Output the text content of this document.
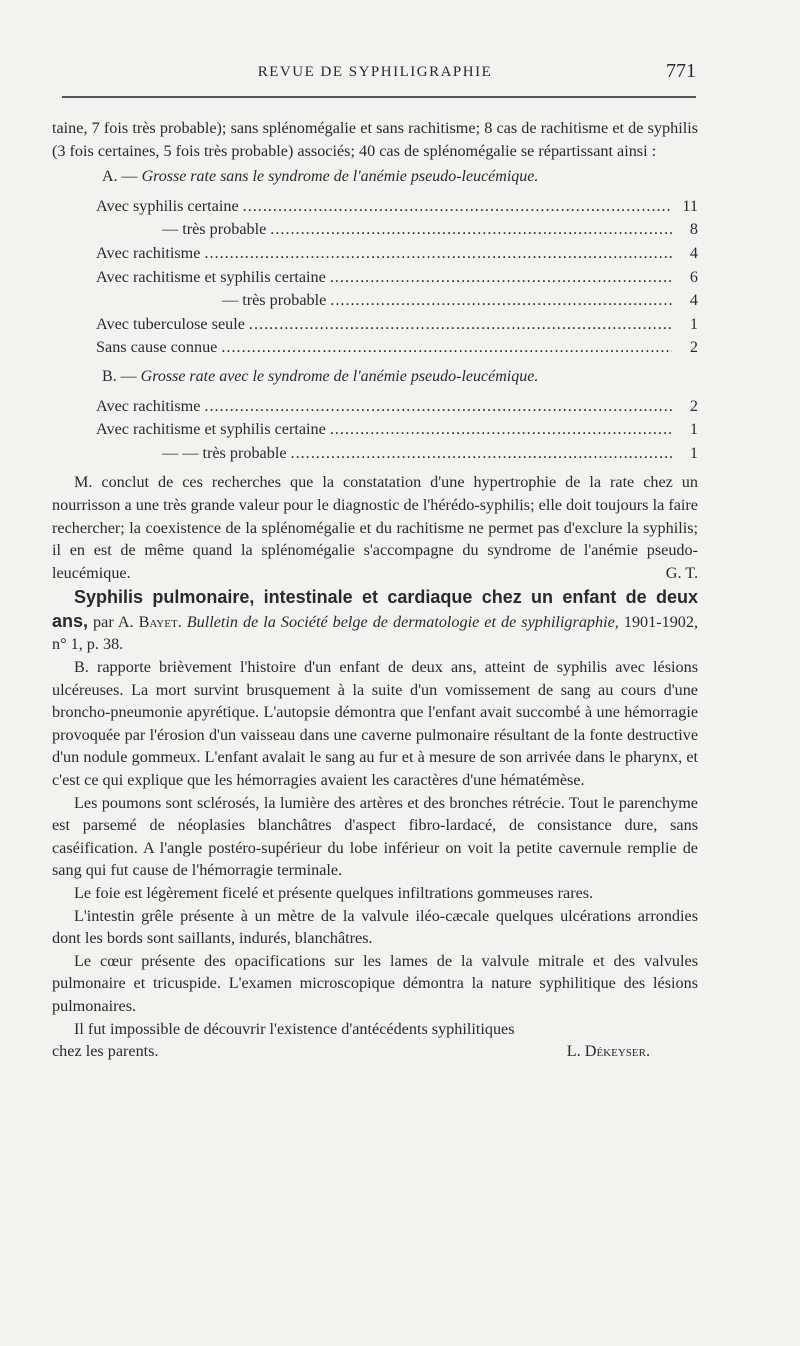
REVUE DE SYPHILIGRAPHIE	771

taine, 7 fois très probable); sans splénomégalie et sans rachitisme; 8 cas de rachitisme et de syphilis (3 fois certaines, 5 fois très probable) associés; 40 cas de splénomégalie se répartissant ainsi :

A. — Grosse rate sans le syndrome de l'anémie pseudo-leucémique.
Avec syphilis certaine .....	11
— très probable .....	8
Avec rachitisme .....	4
Avec rachitisme et syphilis certaine .....	6
— très probable .....	4
Avec tuberculose seule .....	1
Sans cause connue .....	2
B. — Grosse rate avec le syndrome de l'anémie pseudo-leucémique.
Avec rachitisme .....	2
Avec rachitisme et syphilis certaine .....	1
— — très probable .....	1

M. conclut de ces recherches que la constatation d'une hypertrophie de la rate chez un nourrisson a une très grande valeur pour le diagnostic de l'hérédo-syphilis; elle doit toujours la faire rechercher; la coexistence de la splénomégalie et du rachitisme ne permet pas d'exclure la syphilis; il en est de même quand la splénomégalie s'accompagne du syndrome de l'anémie pseudo-leucémique.	G. T.

Syphilis pulmonaire, intestinale et cardiaque chez un enfant de deux ans, par A. Bayet. Bulletin de la Société belge de dermatologie et de syphiligraphie, 1901-1902, n° 1, p. 38.

B. rapporte brièvement l'histoire d'un enfant de deux ans, atteint de syphilis avec lésions ulcéreuses. La mort survint brusquement à la suite d'un vomissement de sang au cours d'une broncho-pneumonie apyrétique. L'autopsie démontra que l'enfant avait succombé à une hémorragie provoquée par l'érosion d'un vaisseau dans une caverne pulmonaire résultant de la fonte destructive d'un nodule gommeux. L'enfant avalait le sang au fur et à mesure de son arrivée dans le pharynx, et c'est ce qui explique que les hémorragies avaient les caractères d'une hématémèse.

Les poumons sont sclérosés, la lumière des artères et des bronches rétrécie. Tout le parenchyme est parsemé de néoplasies blanchâtres d'aspect fibro-lardacé, de consistance dure, sans caséification. A l'angle postéro-supérieur du lobe inférieur on voit la petite cavernule remplie de sang qui fut cause de l'hémorragie terminale.

Le foie est légèrement ficelé et présente quelques infiltrations gommeuses rares.

L'intestin grêle présente à un mètre de la valvule iléo-cæcale quelques ulcérations arrondies dont les bords sont saillants, indurés, blanchâtres.

Le cœur présente des opacifications sur les lames de la valvule mitrale et des valvules pulmonaire et tricuspide. L'examen microscopique démontra la nature syphilitique des lésions pulmonaires.

Il fut impossible de découvrir l'existence d'antécédents syphilitiques

chez les parents.	L. Dékeyser.
